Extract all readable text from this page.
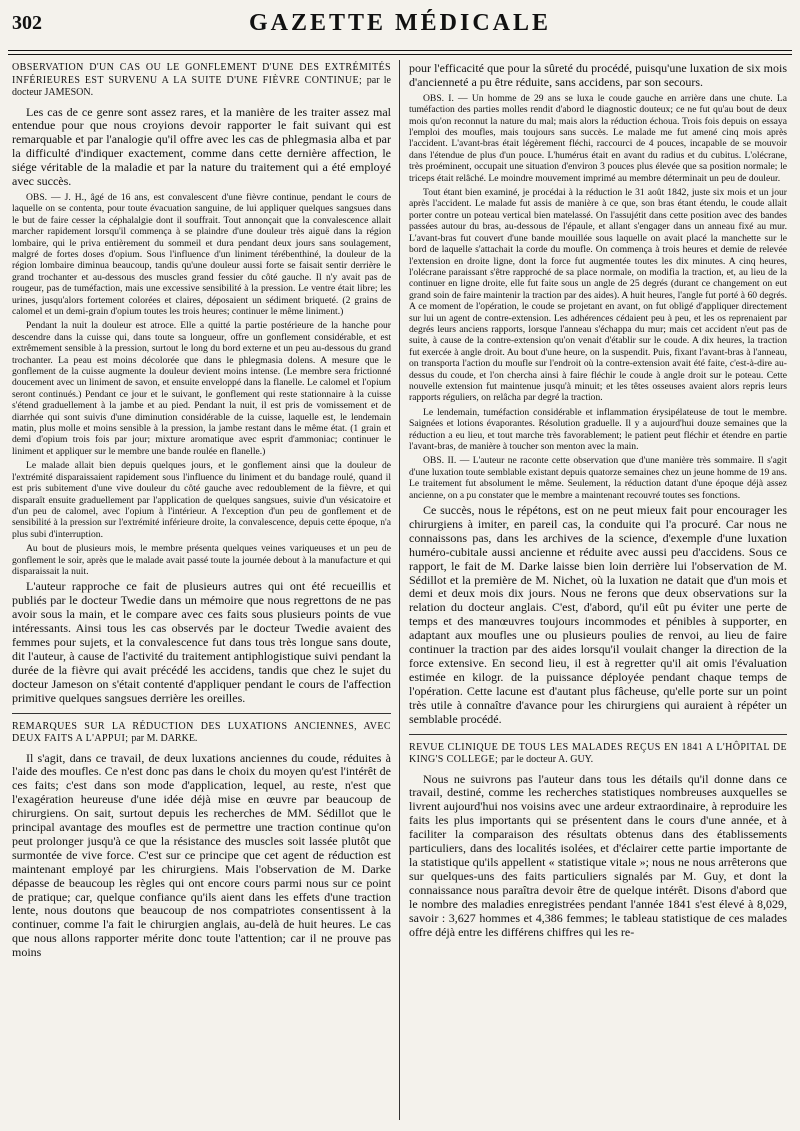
302	GAZETTE MÉDICALE
OBSERVATION D'UN CAS OU LE GONFLEMENT D'UNE DES EXTRÉMITÉS INFÉRIEURES EST SURVENU A LA SUITE D'UNE FIÈVRE CONTINUE; par le docteur JAMESON.

Les cas de ce genre sont assez rares, et la manière de les traiter assez mal entendue pour que nous croyions devoir rapporter le fait suivant qui est remarquable et par l'analogie qu'il offre avec les cas de phlegmasia alba et par la difficulté d'indiquer exactement, comme dans cette dernière affection, le siége véritable de la maladie et par la nature du traitement qui a été employé avec succès.

OBS. — J. H., âgé de 16 ans, est convalescent d'une fièvre continue, pendant le cours de laquelle on se contenta, pour toute évacuation sanguine, de lui appliquer quelques sangsues dans le but de faire cesser la céphalalgie dont il souffrait. Tout annonçait que la convalescence allait marcher rapidement lorsqu'il commença à se plaindre d'une douleur très aiguë dans la région lombaire, qui le priva entièrement du sommeil et dura pendant deux jours sans soulagement, malgré de fortes doses d'opium. Sous l'influence d'un liniment térébenthiné, la douleur de la région lombaire diminua beaucoup, tandis qu'une douleur aussi forte se faisait sentir derrière le grand trochanter et au-dessous des muscles grand fessier du côté gauche. Il n'y avait pas de rougeur, pas de tuméfaction, mais une excessive sensibilité à la pression. Le ventre était libre; les urines, jusqu'alors fortement colorées et claires, déposaient un sédiment briqueté. (2 grains de calomel et un demi-grain d'opium toutes les trois heures; continuer le même liniment.)

Pendant la nuit la douleur est atroce. Elle a quitté la partie postérieure de la hanche pour descendre dans la cuisse qui, dans toute sa longueur, offre un gonflement considérable, et est extrêmement sensible à la pression, surtout le long du bord externe et un peu au-dessous du grand trochanter. La peau est moins décolorée que dans le phlegmasia dolens. A mesure que le gonflement de la cuisse augmente la douleur devient moins intense. (Le membre sera frictionné doucement avec un liniment de savon, et ensuite enveloppé dans la flanelle. Le calomel et l'opium seront continués.) Pendant ce jour et le suivant, le gonflement qui reste stationnaire à la cuisse s'étend graduellement à la jambe et au pied. Pendant la nuit, il est pris de vomissement et de diarrhée qui sont suivis d'une diminution considérable de la cuisse, laquelle est, le lendemain matin, plus molle et moins sensible à la pression, la jambe restant dans le même état. (1 grain et demi d'opium trois fois par jour; mixture aromatique avec esprit d'ammoniac; continuer le liniment et appliquer sur le membre une bande roulée en flanelle.)

Le malade allait bien depuis quelques jours, et le gonflement ainsi que la douleur de l'extrémité disparaissaient rapidement sous l'influence du liniment et du bandage roulé, quand il est pris subitement d'une vive douleur du côté gauche avec redoublement de la fièvre, et qui disparaît ensuite graduellement par l'application de quelques sangsues, suivie d'un vésicatoire et d'un peu de calomel, avec l'opium à l'intérieur. A l'exception d'un peu de gonflement et de sensibilité à la pression sur l'extrémité inférieure droite, la convalescence, depuis cette époque, n'a plus subi d'interruption.

Au bout de plusieurs mois, le membre présenta quelques veines variqueuses et un peu de gonflement le soir, après que le malade avait passé toute la journée debout à la manufacture et qui disparaissait la nuit.

L'auteur rapproche ce fait de plusieurs autres qui ont été recueillis et publiés par le docteur Twedie dans un mémoire que nous regrettons de ne pas avoir sous la main, et le compare avec ces faits sous plusieurs points de vue intéressants. Ainsi tous les cas observés par le docteur Twedie avaient des femmes pour sujets, et la convalescence fut dans tous très longue sans doute, dit l'auteur, à cause de l'activité du traitement antiphlogistique suivi pendant la durée de la fièvre qui avait précédé les accidens, tandis que chez le sujet du docteur Jameson on s'était contenté d'appliquer pendant le cours de l'affection primitive quelques sangsues derrière les oreilles.

REMARQUES SUR LA RÉDUCTION DES LUXATIONS ANCIENNES, AVEC DEUX FAITS A L'APPUI; par M. DARKE.

Il s'agit, dans ce travail, de deux luxations anciennes du coude, réduites à l'aide des moufles. Ce n'est donc pas dans le choix du moyen qu'est l'intérêt de ces faits; c'est dans son mode d'application, lequel, au reste, n'est que l'exagération heureuse d'une idée déjà mise en œuvre par beaucoup de chirurgiens. On sait, surtout depuis les recherches de MM. Sédillot que le principal avantage des moufles est de permettre une traction continue qu'on peut prolonger jusqu'à ce que la résistance des muscles soit lassée plutôt que surmontée de vive force. C'est sur ce principe que cet agent de réduction est maintenant employé par les chirurgiens. Mais l'observation de M. Darke dépasse de beaucoup les règles qui ont encore cours parmi nous sur ce point de pratique; car, quelque confiance qu'ils aient dans les effets d'une traction lente, nous doutons que beaucoup de nos compatriotes consentissent à la continuer, comme l'a fait le chirurgien anglais, au-delà de huit heures. Le cas que nous allons rapporter mérite donc toute l'attention; car il ne prouve pas moins

pour l'efficacité que pour la sûreté du procédé, puisqu'une luxation de six mois d'ancienneté a pu être réduite, sans accidens, par son secours.

OBS. I. — Un homme de 29 ans se luxa le coude gauche en arrière dans une chute. La tuméfaction des parties molles rendit d'abord le diagnostic douteux; ce ne fut qu'au bout de deux mois qu'on reconnut la nature du mal; mais alors la réduction échoua. Trois fois depuis on essaya l'emploi des moufles, mais toujours sans succès. Le malade me fut amené cinq mois après l'accident. L'avant-bras était légèrement fléchi, raccourci de 4 pouces, incapable de se mouvoir dans l'étendue de plus d'un pouce. L'humérus était en avant du radius et du cubitus. L'olécrane, très proéminent, occupait une situation d'environ 3 pouces plus élevée que sa position normale; le triceps était relâché. Le moindre mouvement imprimé au membre déterminait un peu de douleur.

Tout étant bien examiné, je procédai à la réduction le 31 août 1842, juste six mois et un jour après l'accident. Le malade fut assis de manière à ce que, son bras étant étendu, le coude allait porter contre un poteau vertical bien matelassé. On l'assujétit dans cette position avec des bandes passées autour du bras, au-dessous de l'épaule, et allant s'engager dans un anneau fixé au mur. L'avant-bras fut couvert d'une bande mouillée sous laquelle on avait placé la manchette sur le bord de laquelle s'attachait la corde du moufle. On commença à trois heures et demie de relevée l'extension en droite ligne, dont la force fut augmentée toutes les dix minutes. A cinq heures, l'olécrane paraissant s'être rapproché de sa place normale, on modifia la traction, et, au lieu de la continuer en ligne droite, elle fut faite sous un angle de 25 degrés (durant ce changement on eut grand soin de faire maintenir la traction par des aides). A huit heures, l'angle fut porté à 60 degrés. A ce moment de l'opération, le coude se projetant en avant, on fut obligé d'appliquer directement sur lui un agent de contre-extension. Les adhérences cédaient peu à peu, et les os reprenaient par degrés leurs anciens rapports, lorsque l'anneau s'échappa du mur; mais cet accident n'eut pas de suite, à cause de la contre-extension qu'on venait d'établir sur le coude. A dix heures, la traction fut exercée à angle droit. Au bout d'une heure, on la suspendit. Puis, fixant l'avant-bras à l'anneau, on transporta l'action du moufle sur l'endroit où la contre-extension avait été faite, c'est-à-dire au-dessus du coude, et l'on chercha ainsi à faire fléchir le coude à angle droit sur le poteau. Cette nouvelle extension fut maintenue jusqu'à minuit; et les têtes osseuses avaient alors repris leurs rapports réguliers, on relâcha par degré la traction.

Le lendemain, tuméfaction considérable et inflammation érysipélateuse de tout le membre. Saignées et lotions évaporantes. Résolution graduelle. Il y a aujourd'hui douze semaines que la réduction a eu lieu, et tout marche très favorablement; le patient peut fléchir et étendre en partie l'avant-bras, de manière à toucher son menton avec la main.

OBS. II. — L'auteur ne raconte cette observation que d'une manière très sommaire. Il s'agit d'une luxation toute semblable existant depuis quatorze semaines chez un jeune homme de 19 ans. Le traitement fut absolument le même. Seulement, la réduction datant d'une époque déjà assez ancienne, on a pu constater que le membre a maintenant recouvré toutes ses fonctions.

Ce succès, nous le répétons, est on ne peut mieux fait pour encourager les chirurgiens à imiter, en pareil cas, la conduite qui l'a procuré. Car nous ne connaissons pas, dans les archives de la science, d'exemple d'une luxation huméro-cubitale aussi ancienne et réduite avec aussi peu d'accidens. Sous ce rapport, le fait de M. Darke laisse bien loin derrière lui l'observation de M. Sédillot et la première de M. Nichet, où la luxation ne datait que d'un mois et demi et deux mois dix jours. Nous ne ferons que deux observations sur la relation du docteur anglais. C'est, d'abord, qu'il eût pu éviter une perte de temps et des manœuvres toujours incommodes et pénibles à supporter, en adaptant aux moufles une ou plusieurs poulies de renvoi, au lieu de faire continuer la traction par des aides lorsqu'il voulait changer la direction de la force extensive. En second lieu, il est à regretter qu'il ait omis l'évaluation estimée en kilogr. de la puissance déployée pendant chaque temps de l'opération. Cette lacune est d'autant plus fâcheuse, qu'elle porte sur un point très utile à connaître d'avance pour les chirurgiens qui auraient à répéter un semblable procédé.

REVUE CLINIQUE DE TOUS LES MALADES REÇUS EN 1841 A L'HÔPITAL DE KING'S COLLEGE; par le docteur A. GUY.

Nous ne suivrons pas l'auteur dans tous les détails qu'il donne dans ce travail, destiné, comme les recherches statistiques nombreuses auxquelles se livrent aujourd'hui nos voisins avec une ardeur extraordinaire, à reproduire les faits les plus importants qui se présentent dans le cours d'une année, et à faciliter la comparaison des résultats obtenus dans des établissements particuliers, dans des localités isolées, et d'éclairer cette partie importante de la statistique qu'ils appellent « statistique vitale »; nous ne nous arrêterons que sur quelques-uns des faits particuliers signalés par M. Guy, et dont la connaissance nous paraîtra devoir être de quelque intérêt. Disons d'abord que le nombre des maladies enregistrées pendant l'année 1841 s'est élevé à 8,029, savoir : 3,627 hommes et 4,386 femmes; le tableau statistique de ces malades offre déjà entre les différens chiffres qui les re-
